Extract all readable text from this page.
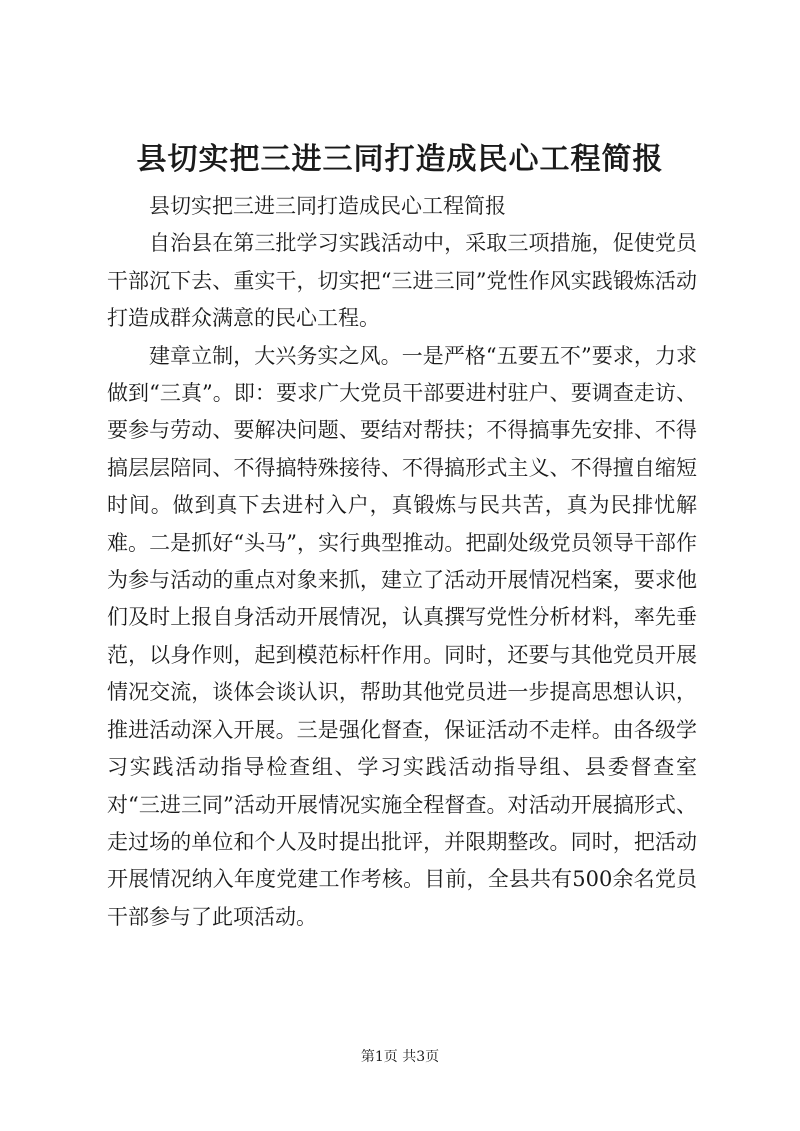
县切实把三进三同打造成民心工程简报

县切实把三进三同打造成民心工程简报

自治县在第三批学习实践活动中，采取三项措施，促使党员干部沉下去、重实干，切实把“三进三同”党性作风实践锻炼活动打造成群众满意的民心工程。

建章立制，大兴务实之风。一是严格“五要五不”要求，力求做到“三真”。即：要求广大党员干部要进村驻户、要调查走访、要参与劳动、要解决问题、要结对帮扶；不得搞事先安排、不得搞层层陪同、不得搞特殊接待、不得搞形式主义、不得擅自缩短时间。做到真下去进村入户，真锻炼与民共苦，真为民排忧解难。二是抓好“头马”，实行典型推动。把副处级党员领导干部作为参与活动的重点对象来抓，建立了活动开展情况档案，要求他们及时上报自身活动开展情况，认真撰写党性分析材料，率先垂范，以身作则，起到模范标杆作用。同时，还要与其他党员开展情况交流，谈体会谈认识，帮助其他党员进一步提高思想认识，推进活动深入开展。三是强化督查，保证活动不走样。由各级学习实践活动指导检查组、学习实践活动指导组、县委督查室对“三进三同”活动开展情况实施全程督查。对活动开展搞形式、走过场的单位和个人及时提出批评，并限期整改。同时，把活动开展情况纳入年度党建工作考核。目前，全县共有500余名党员干部参与了此项活动。

第1页 共3页
